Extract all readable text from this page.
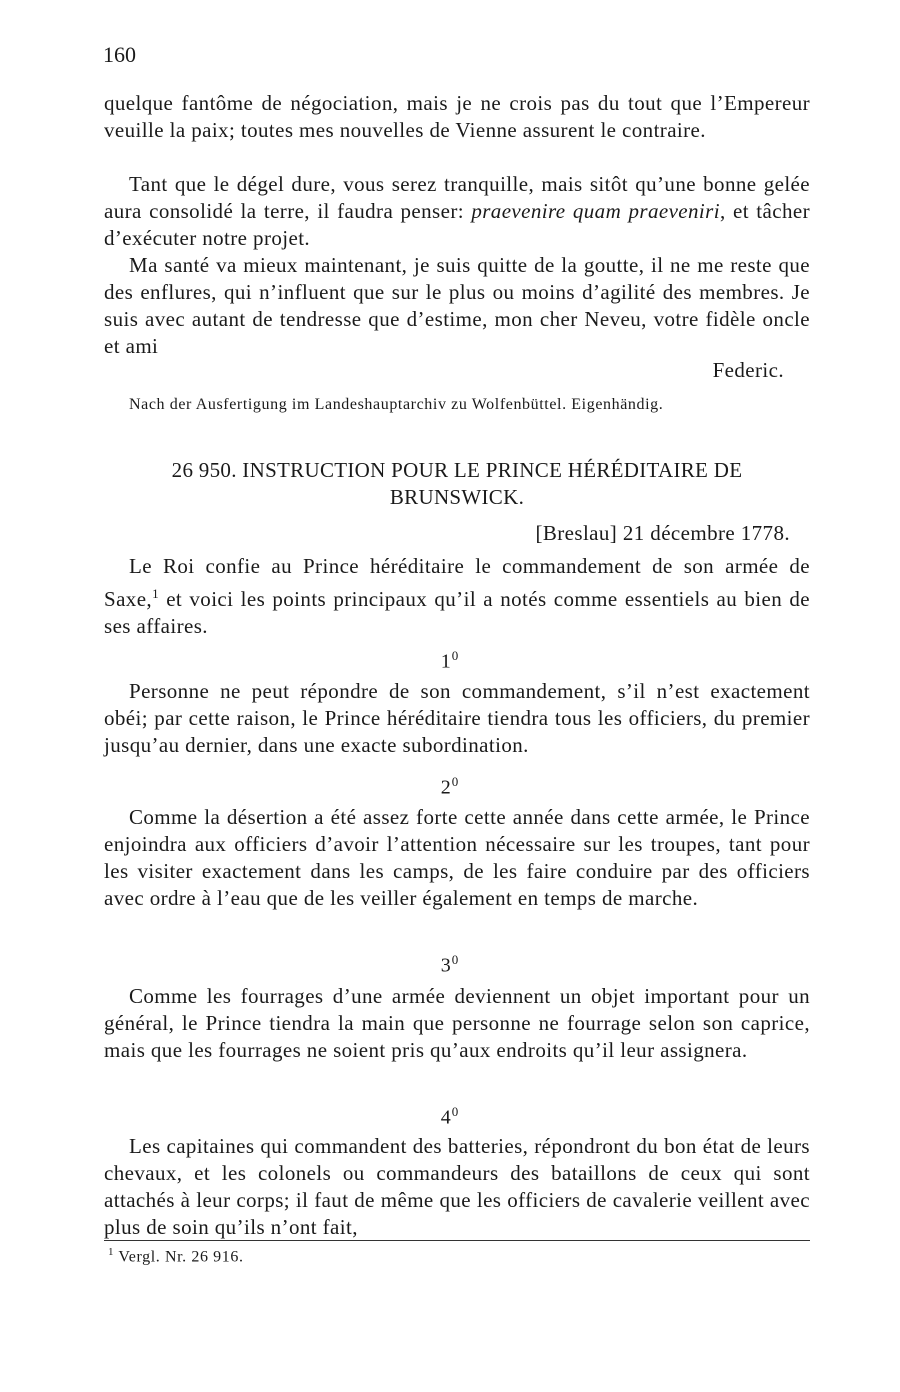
160
quelque fantôme de négociation, mais je ne crois pas du tout que l’Empereur veuille la paix; toutes mes nouvelles de Vienne assurent le contraire.
Tant que le dégel dure, vous serez tranquille, mais sitôt qu’une bonne gelée aura consolidé la terre, il faudra penser: praevenire quam praeveniri, et tâcher d’exécuter notre projet.
Ma santé va mieux maintenant, je suis quitte de la goutte, il ne me reste que des enflures, qui n’influent que sur le plus ou moins d’agilité des membres. Je suis avec autant de tendresse que d’estime, mon cher Neveu, votre fidèle oncle et ami
Federic.
Nach der Ausfertigung im Landeshauptarchiv zu Wolfenbüttel. Eigenhändig.
26 950. INSTRUCTION POUR LE PRINCE HÉRÉDITAIRE DE
BRUNSWICK.
[Breslau] 21 décembre 1778.
Le Roi confie au Prince héréditaire le commandement de son armée de Saxe,$^1$ et voici les points principaux qu’il a notés comme essentiels au bien de ses affaires.
$1^0$
Personne ne peut répondre de son commandement, s’il n’est exactement obéi; par cette raison, le Prince héréditaire tiendra tous les officiers, du premier jusqu’au dernier, dans une exacte subordination.
$2^0$
Comme la désertion a été assez forte cette année dans cette armée, le Prince enjoindra aux officiers d’avoir l’attention nécessaire sur les troupes, tant pour les visiter exactement dans les camps, de les faire conduire par des officiers avec ordre à l’eau que de les veiller également en temps de marche.
$3^0$
Comme les fourrages d’une armée deviennent un objet important pour un général, le Prince tiendra la main que personne ne fourrage selon son caprice, mais que les fourrages ne soient pris qu’aux endroits qu’il leur assignera.
$4^0$
Les capitaines qui commandent des batteries, répondront du bon état de leurs chevaux, et les colonels ou commandeurs des bataillons de ceux qui sont attachés à leur corps; il faut de même que les officiers de cavalerie veillent avec plus de soin qu’ils n’ont fait,
$^1$ Vergl. Nr. 26 916.
